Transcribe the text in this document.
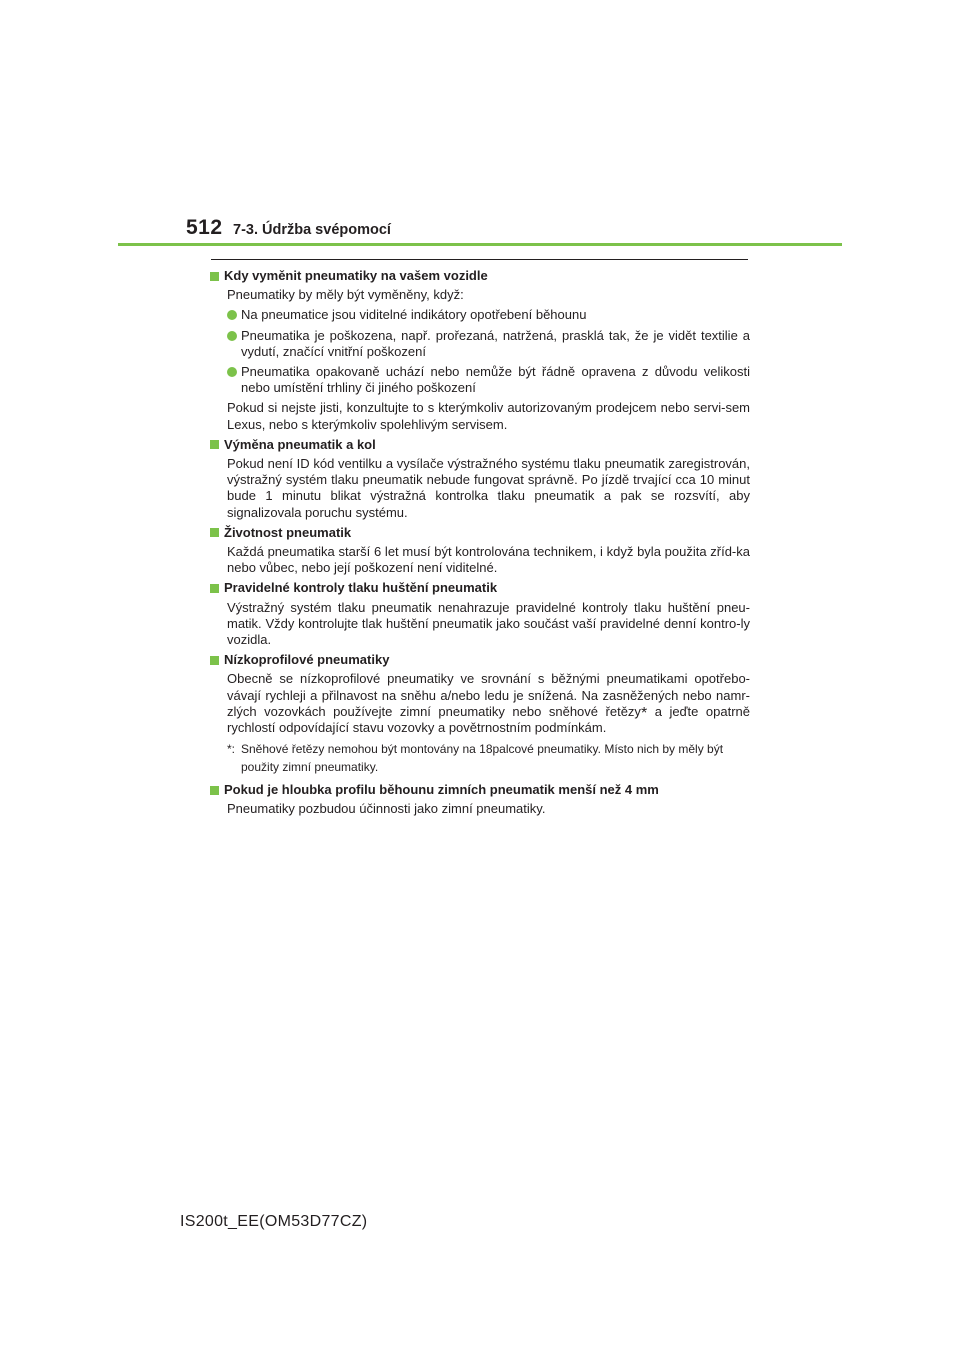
512 7-3. Údržba svépomocí
Kdy vyměnit pneumatiky na vašem vozidle
Pneumatiky by měly být vyměněny, když:
Na pneumatice jsou viditelné indikátory opotřebení běhounu
Pneumatika je poškozena, např. prořezaná, natržená, prasklá tak, že je vidět textilie a vydutí, značící vnitřní poškození
Pneumatika opakovaně uchází nebo nemůže být řádně opravena z důvodu velikosti nebo umístění trhliny či jiného poškození
Pokud si nejste jisti, konzultujte to s kterýmkoliv autorizovaným prodejcem nebo servi-sem Lexus, nebo s kterýmkoliv spolehlivým servisem.
Výměna pneumatik a kol
Pokud není ID kód ventilku a vysílače výstražného systému tlaku pneumatik zaregistrován, výstražný systém tlaku pneumatik nebude fungovat správně. Po jízdě trvající cca 10 minut bude 1 minutu blikat výstražná kontrolka tlaku pneumatik a pak se rozsvítí, aby signalizovala poruchu systému.
Životnost pneumatik
Každá pneumatika starší 6 let musí být kontrolována technikem, i když byla použita zříd-ka nebo vůbec, nebo její poškození není viditelné.
Pravidelné kontroly tlaku huštění pneumatik
Výstražný systém tlaku pneumatik nenahrazuje pravidelné kontroly tlaku huštění pneu-matik. Vždy kontrolujte tlak huštění pneumatik jako součást vaší pravidelné denní kontro-ly vozidla.
Nízkoprofilové pneumatiky
Obecně se nízkoprofilové pneumatiky ve srovnání s běžnými pneumatikami opotřebo-vávají rychleji a přilnavost na sněhu a/nebo ledu je snížená. Na zasněžených nebo namr-zlých vozovkách používejte zimní pneumatiky nebo sněhové řetězy* a jeďte opatrně rychlostí odpovídající stavu vozovky a povětrnostním podmínkám.
*: Sněhové řetězy nemohou být montovány na 18palcové pneumatiky. Místo nich by měly být použity zimní pneumatiky.
Pokud je hloubka profilu běhounu zimních pneumatik menší než 4 mm
Pneumatiky pozbudou účinnosti jako zimní pneumatiky.
IS200t_EE(OM53D77CZ)
